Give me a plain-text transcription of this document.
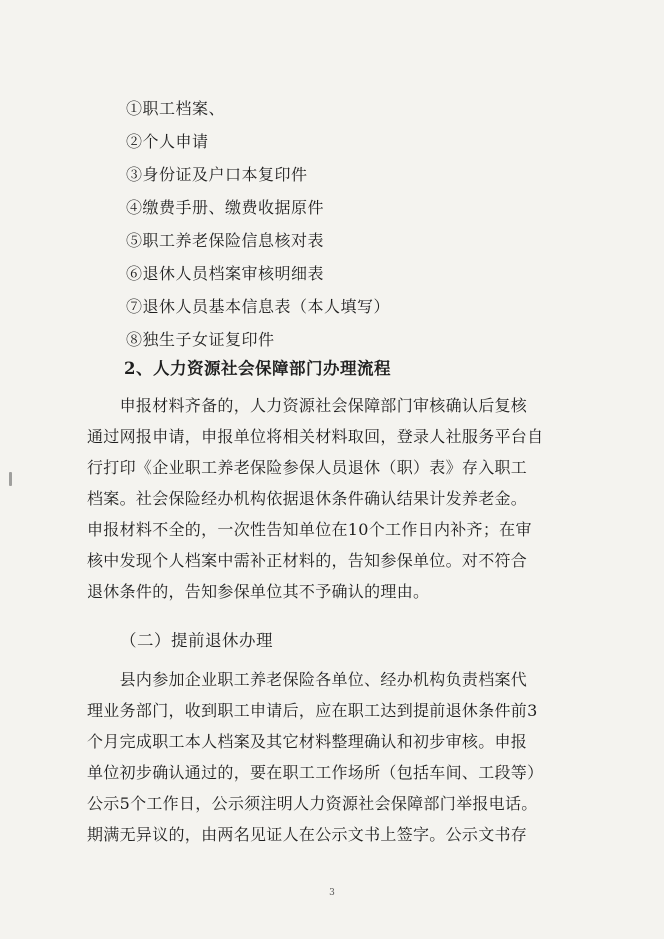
①职工档案、
②个人申请
③身份证及户口本复印件
④缴费手册、缴费收据原件
⑤职工养老保险信息核对表
⑥退休人员档案审核明细表
⑦退休人员基本信息表（本人填写）
⑧独生子女证复印件
2、人力资源社会保障部门办理流程
　　申报材料齐备的，人力资源社会保障部门审核确认后复核
通过网报申请，申报单位将相关材料取回，登录人社服务平台自
行打印《企业职工养老保险参保人员退休（职）表》存入职工
档案。社会保险经办机构依据退休条件确认结果计发养老金。
申报材料不全的，一次性告知单位在10个工作日内补齐；在审
核中发现个人档案中需补正材料的，告知参保单位。对不符合
退休条件的，告知参保单位其不予确认的理由。
（二）提前退休办理
　　县内参加企业职工养老保险各单位、经办机构负责档案代
理业务部门，收到职工申请后，应在职工达到提前退休条件前3
个月完成职工本人档案及其它材料整理确认和初步审核。申报
单位初步确认通过的，要在职工工作场所（包括车间、工段等）
公示5个工作日，公示须注明人力资源社会保障部门举报电话。
期满无异议的，由两名见证人在公示文书上签字。公示文书存
3
